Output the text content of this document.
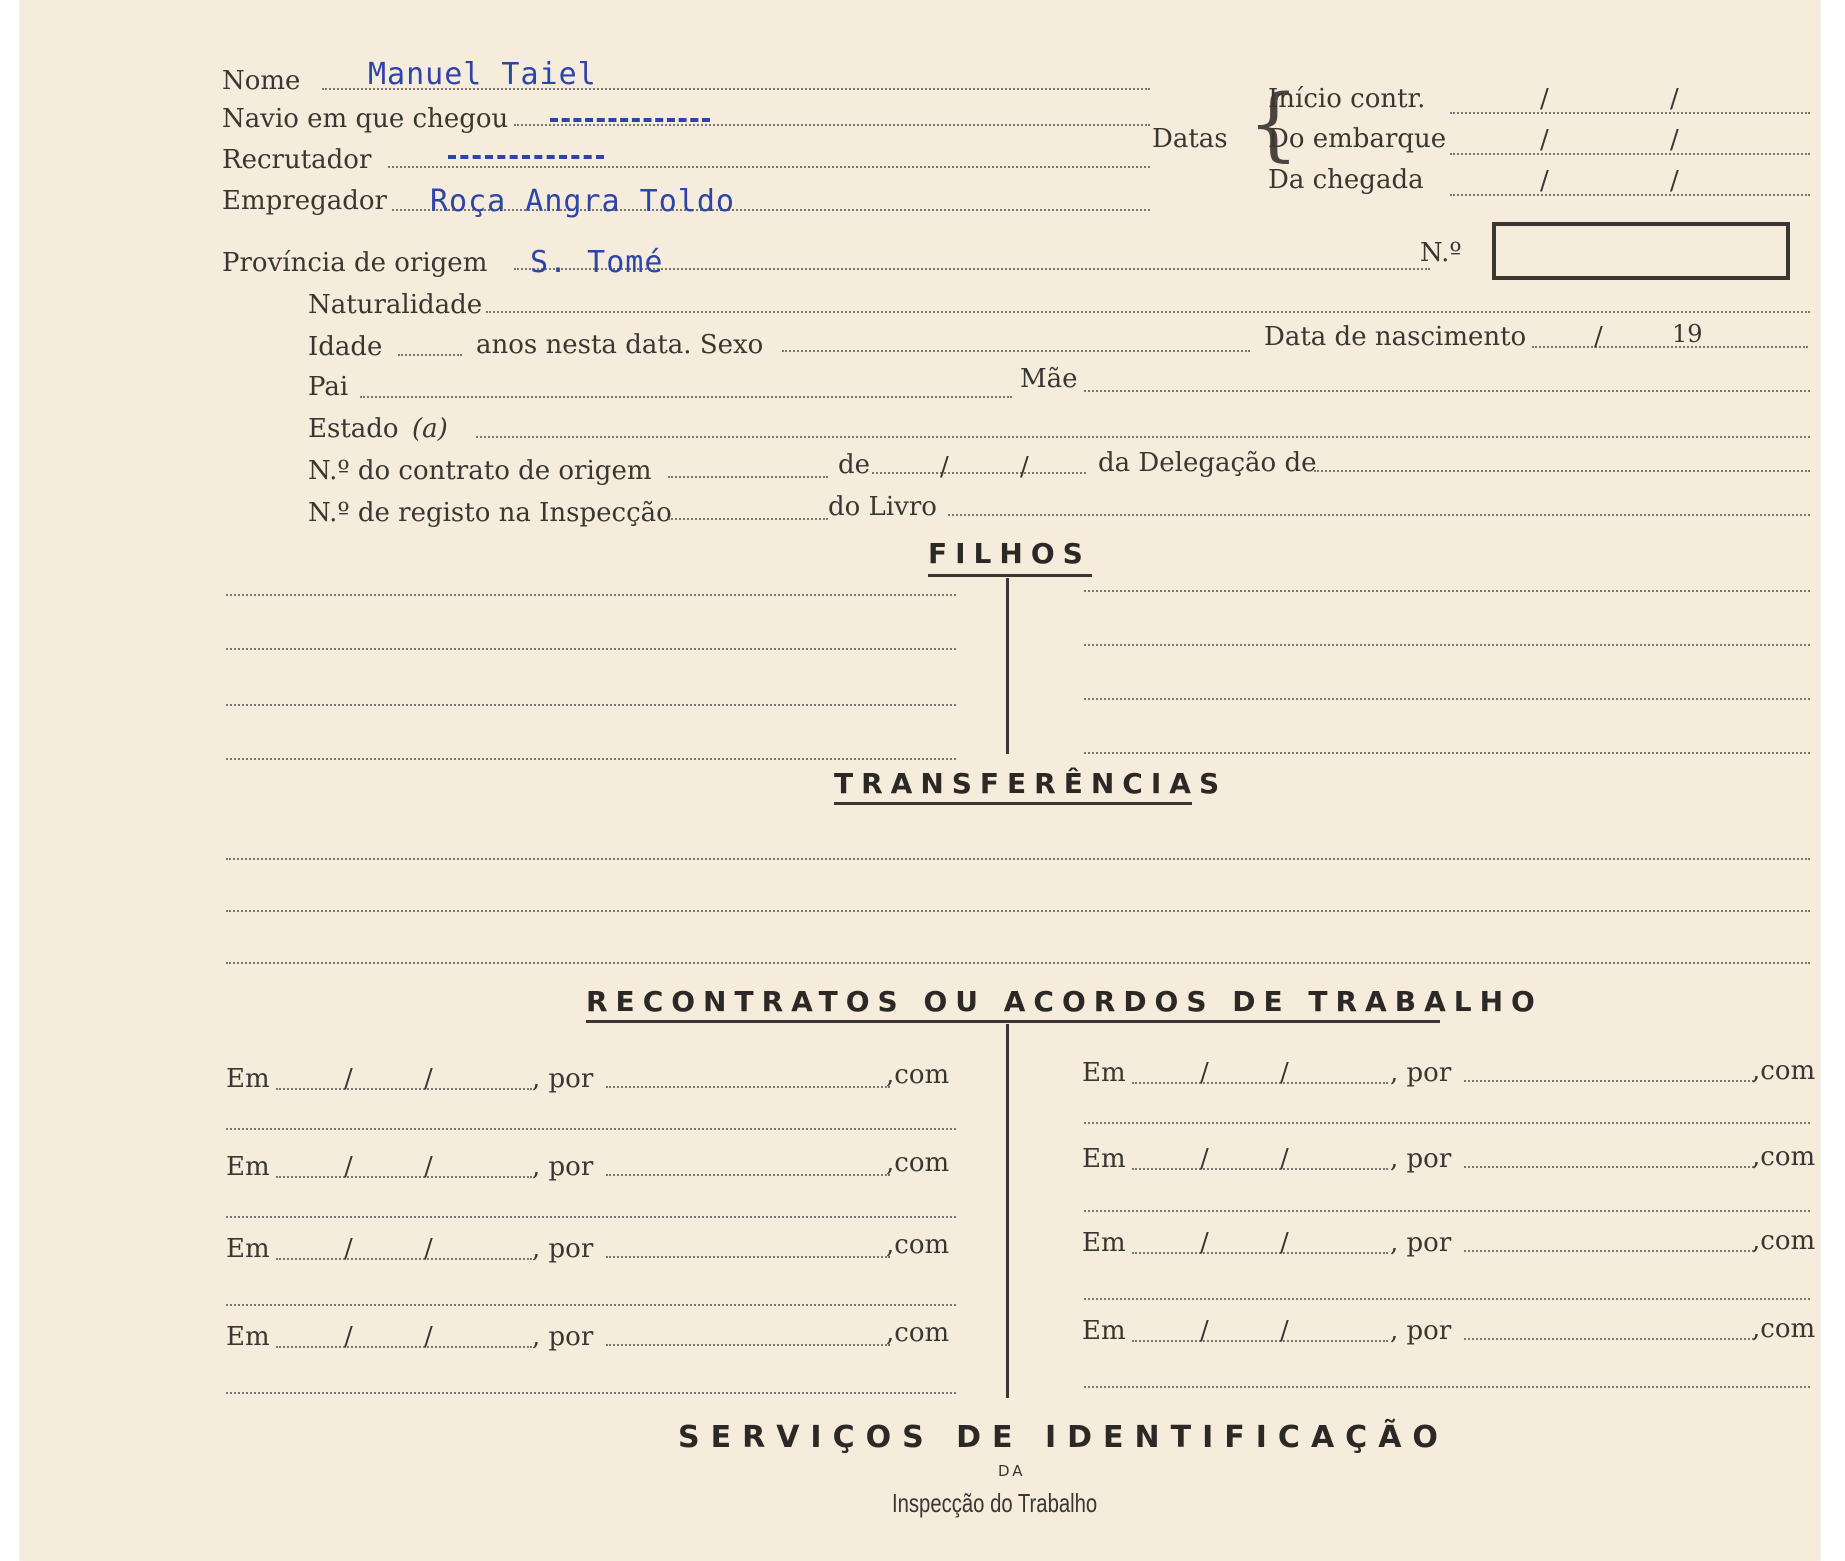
Nome Manuel Taiel
Navio em que chegou
Recrutador
Empregador Roça Angra Toldo
Datas {
Início contr.	/	/
Do embarque	/	/
Da chegada	/	/
Província de origem S. Tomé	N.º
Naturalidade
Idade	anos nesta data. Sexo	Data de nascimento	/	19
Pai	Mãe
Estado (a)
N.º do contrato de origem	de	/	/	da Delegação de
N.º de registo na Inspecção	do Livro
FILHOS
TRANSFERÊNCIAS
RECONTRATOS OU ACORDOS DE TRABALHO
Em	/	/	, por	,com
Em	/	/	, por	,com
Em	/	/	, por	,com
Em	/	/	, por	,com
Em	/	/	, por	,com
Em	/	/	, por	,com
Em	/	/	, por	,com
Em	/	/	, por	,com
SERVIÇOS DE IDENTIFICAÇÃO
DA
Inspecção do Trabalho
